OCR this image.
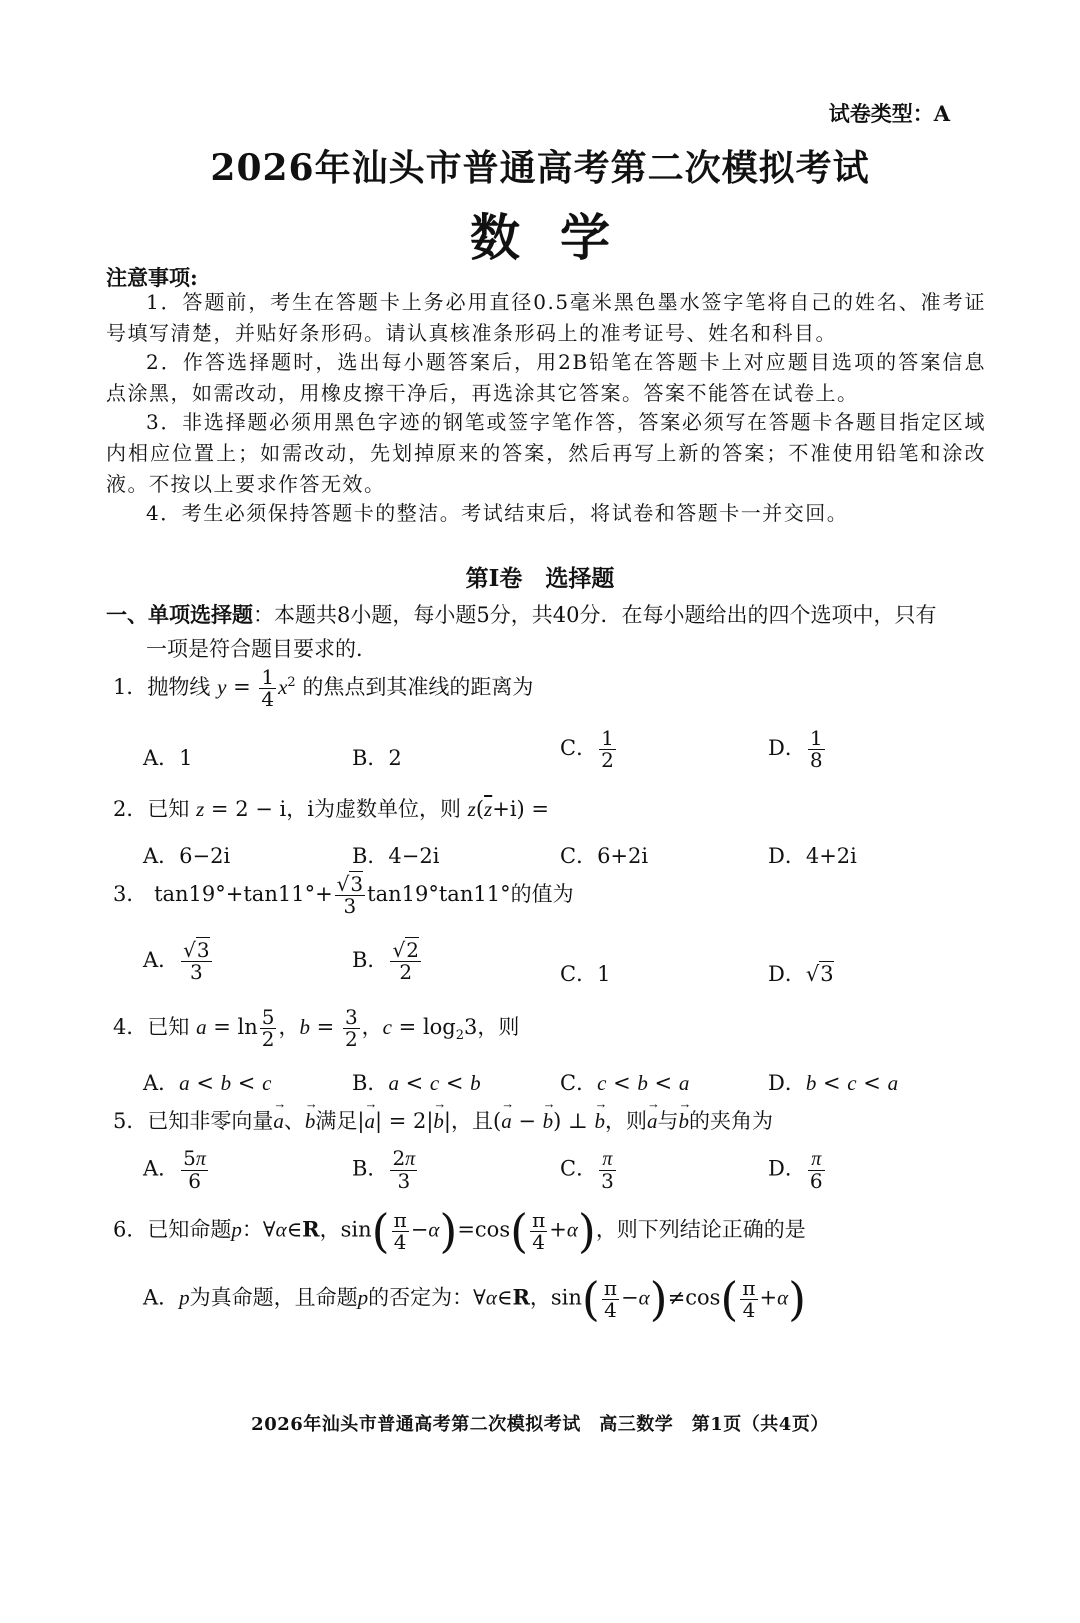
试卷类型：A
2026年汕头市普通高考第二次模拟考试
数学
注意事项:
1．答题前，考生在答题卡上务必用直径0.5毫米黑色墨水签字笔将自己的姓名、准考证号填写清楚，并贴好条形码。请认真核准条形码上的准考证号、姓名和科目。
2．作答选择题时，选出每小题答案后，用2B铅笔在答题卡上对应题目选项的答案信息点涂黑，如需改动，用橡皮擦干净后，再选涂其它答案。答案不能答在试卷上。
3．非选择题必须用黑色字迹的钢笔或签字笔作答，答案必须写在答题卡各题目指定区域内相应位置上；如需改动，先划掉原来的答案，然后再写上新的答案；不准使用铅笔和涂改液。不按以上要求作答无效。
4．考生必须保持答题卡的整洁。考试结束后，将试卷和答题卡一并交回。
第Ⅰ卷　选择题
一、单项选择题：本题共8小题，每小题5分，共40分．在每小题给出的四个选项中，只有
一项是符合题目要求的．
1．抛物线 $y = \frac{1}{4} x^2$ 的焦点到其准线的距离为
A．1	B．2	C． $\frac{1}{2}$	D． $\frac{1}{8}$
2．已知 z = 2 − i，i为虚数单位，则 $z(\overline{z}+i)$ =
A．6−2i	B．4−2i	C．6+2i	D．4+2i
3． $\tan 19^\circ+\tan 11^\circ+ \frac{√3}{3} \tan 19^\circ\tan 11^\circ$的值为
A． $\frac{√3}{3}$	B． $\frac{√2}{2}$	C．1	D．√3
4．已知 $a = \ln \frac{5}{2}$ ，$b = \frac{3}{2}$ ，$c = \log_23$，则
A．a < b < c	B．a < c < b	C．c < b < a	D．b < c < a
5．已知非零向量→ a、→ b满足|→ a| = 2|→ b|，且(→ a − → b) ⊥ → b，则→ a与→ b的夹角为
A． $\frac{5\pi}{6}$	B． $\frac{2\pi}{3}$	C． $\frac{\pi}{3}$	D． $\frac{\pi}{6}$
6．已知命题p：∀α∈R，$\sin( \frac{\pi}{4} -\alpha)=\cos( \frac{\pi}{4} +\alpha)$，则下列结论正确的是
A．p为真命题，且命题p的否定为：∀α∈R，$\sin( \frac{\pi}{4} -\alpha)\ne\cos( \frac{\pi}{4} +\alpha)$
2026年汕头市普通高考第二次模拟考试　高三数学　第1页（共4页）
